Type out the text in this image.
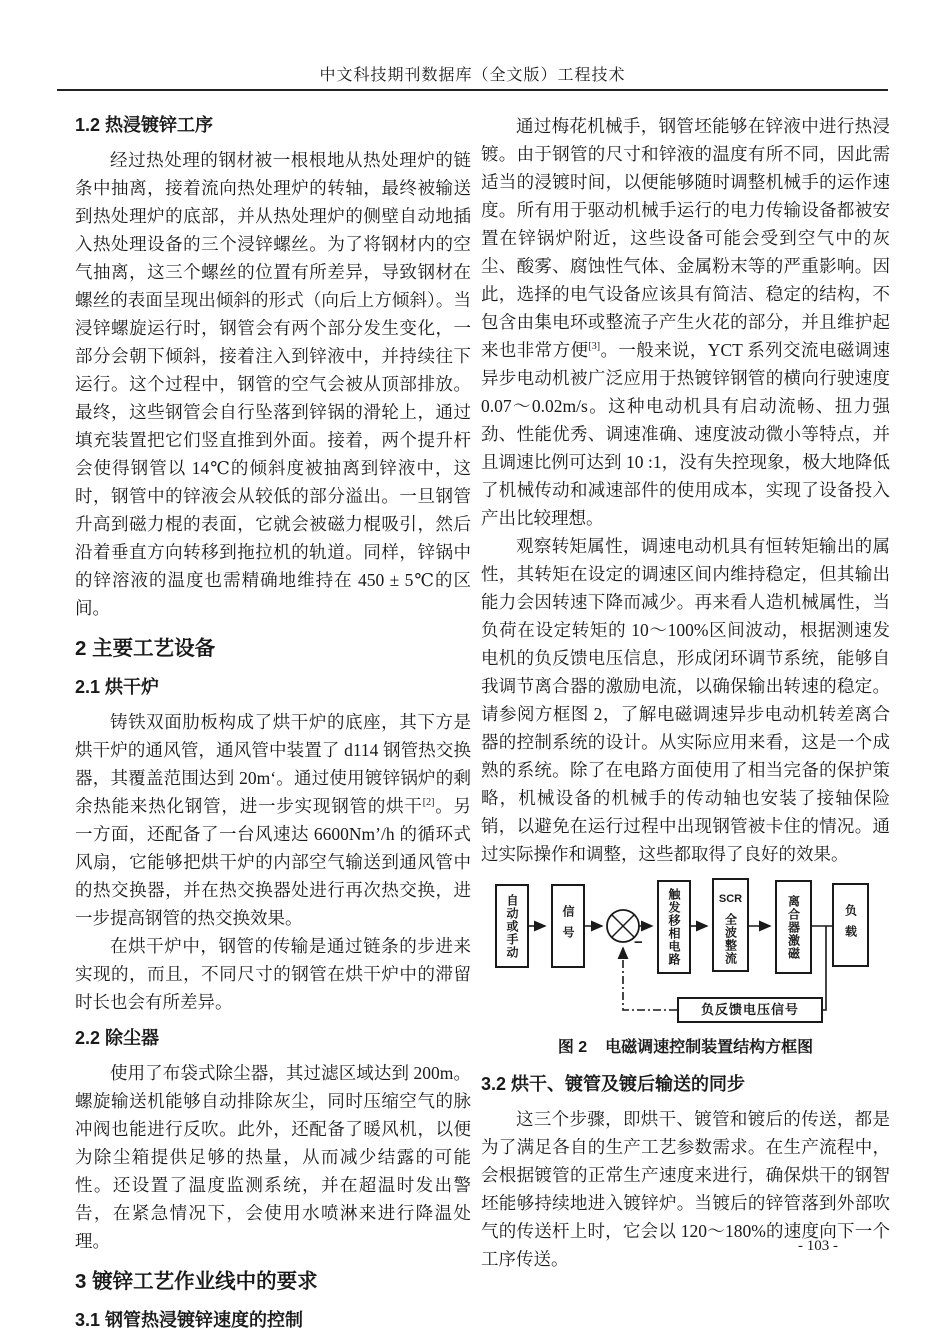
中文科技期刊数据库（全文版）工程技术
1.2 热浸镀锌工序

经过热处理的钢材被一根根地从热处理炉的链条中抽离，接着流向热处理炉的转轴，最终被输送到热处理炉的底部，并从热处理炉的侧壁自动地插入热处理设备的三个浸锌螺丝。为了将钢材内的空气抽离，这三个螺丝的位置有所差异，导致钢材在螺丝的表面呈现出倾斜的形式（向后上方倾斜）。当浸锌螺旋运行时，钢管会有两个部分发生变化，一部分会朝下倾斜，接着注入到锌液中，并持续往下运行。这个过程中，钢管的空气会被从顶部排放。最终，这些钢管会自行坠落到锌锅的滑轮上，通过填充装置把它们竖直推到外面。接着，两个提升杆会使得钢管以 14℃的倾斜度被抽离到锌液中，这时，钢管中的锌液会从较低的部分溢出。一旦钢管升高到磁力棍的表面，它就会被磁力棍吸引，然后沿着垂直方向转移到拖拉机的轨道。同样，锌锅中的锌溶液的温度也需精确地维持在 450 ± 5℃的区间。

2 主要工艺设备
2.1 烘干炉

铸铁双面肋板构成了烘干炉的底座，其下方是烘干炉的通风管，通风管中装置了 d114 钢管热交换器，其覆盖范围达到 20m‘。通过使用镀锌锅炉的剩余热能来热化钢管，进一步实现钢管的烘干[2]。另一方面，还配备了一台风速达 6600Nm’/h 的循环式风扇，它能够把烘干炉的内部空气输送到通风管中的热交换器，并在热交换器处进行再次热交换，进一步提高钢管的热交换效果。

在烘干炉中，钢管的传输是通过链条的步进来实现的，而且，不同尺寸的钢管在烘干炉中的滞留时长也会有所差异。

2.2 除尘器

使用了布袋式除尘器，其过滤区域达到 200m。螺旋输送机能够自动排除灰尘，同时压缩空气的脉冲阀也能进行反吹。此外，还配备了暖风机，以便为除尘箱提供足够的热量，从而减少结露的可能性。还设置了温度监测系统，并在超温时发出警告，在紧急情况下，会使用水喷淋来进行降温处理。

3 镀锌工艺作业线中的要求
3.1 钢管热浸镀锌速度的控制

通过梅花机械手，钢管坯能够在锌液中进行热浸镀。由于钢管的尺寸和锌液的温度有所不同，因此需适当的浸镀时间，以便能够随时调整机械手的运作速度。所有用于驱动机械手运行的电力传输设备都被安置在锌锅炉附近，这些设备可能会受到空气中的灰尘、酸雾、腐蚀性气体、金属粉末等的严重影响。因此，选择的电气设备应该具有简洁、稳定的结构，不包含由集电环或整流子产生火花的部分，并且维护起来也非常方便[3]。一般来说，YCT 系列交流电磁调速异步电动机被广泛应用于热镀锌钢管的横向行驶速度 0.07～0.02m/s。这种电动机具有启动流畅、扭力强劲、性能优秀、调速准确、速度波动微小等特点，并且调速比例可达到 10 :1，没有失控现象，极大地降低了机械传动和减速部件的使用成本，实现了设备投入产出比较理想。

观察转矩属性，调速电动机具有恒转矩输出的属性，其转矩在设定的调速区间内维持稳定，但其输出能力会因转速下降而减少。再来看人造机械属性，当负荷在设定转矩的 10～100%区间波动，根据测速发电机的负反馈电压信息，形成闭环调节系统，能够自我调节离合器的激励电流，以确保输出转速的稳定。请参阅方框图 2，了解电磁调速异步电动机转差离合器的控制系统的设计。从实际应用来看，这是一个成熟的系统。除了在电路方面使用了相当完备的保护策略，机械设备的机械手的传动轴也安装了接轴保险销，以避免在运行过程中出现钢管被卡住的情况。通过实际操作和调整，这些都取得了良好的效果。

自动或手动	信号	−	触发移相电路	SCR
全波整流	离合器激磁	负载
负反馈电压信号

图 2 电磁调速控制装置结构方框图

3.2 烘干、镀管及镀后输送的同步

这三个步骤，即烘干、镀管和镀后的传送，都是为了满足各自的生产工艺参数需求。在生产流程中，会根据镀管的正常生产速度来进行，确保烘干的钢智坯能够持续地进入镀锌炉。当镀后的锌管落到外部吹气的传送杆上时，它会以 120～180%的速度向下一个工序传送。

- 103 -
